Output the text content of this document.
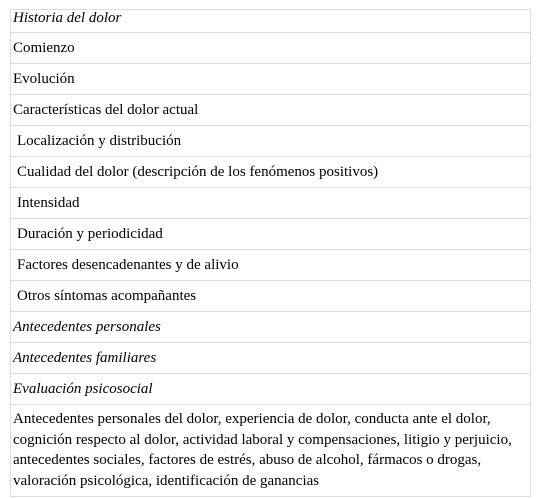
Historia del dolor
Comienzo
Evolución
Características del dolor actual
Localización y distribución
Cualidad del dolor (descripción de los fenómenos positivos)
Intensidad
Duración y periodicidad
Factores desencadenantes y de alivio
Otros síntomas acompañantes
Antecedentes personales
Antecedentes familiares
Evaluación psicosocial
Antecedentes personales del dolor, experiencia de dolor, conducta ante el dolor, cognición respecto al dolor, actividad laboral y compensaciones, litigio y perjuicio, antecedentes sociales, factores de estrés, abuso de alcohol, fármacos o drogas, valoración psicológica, identificación de ganancias
